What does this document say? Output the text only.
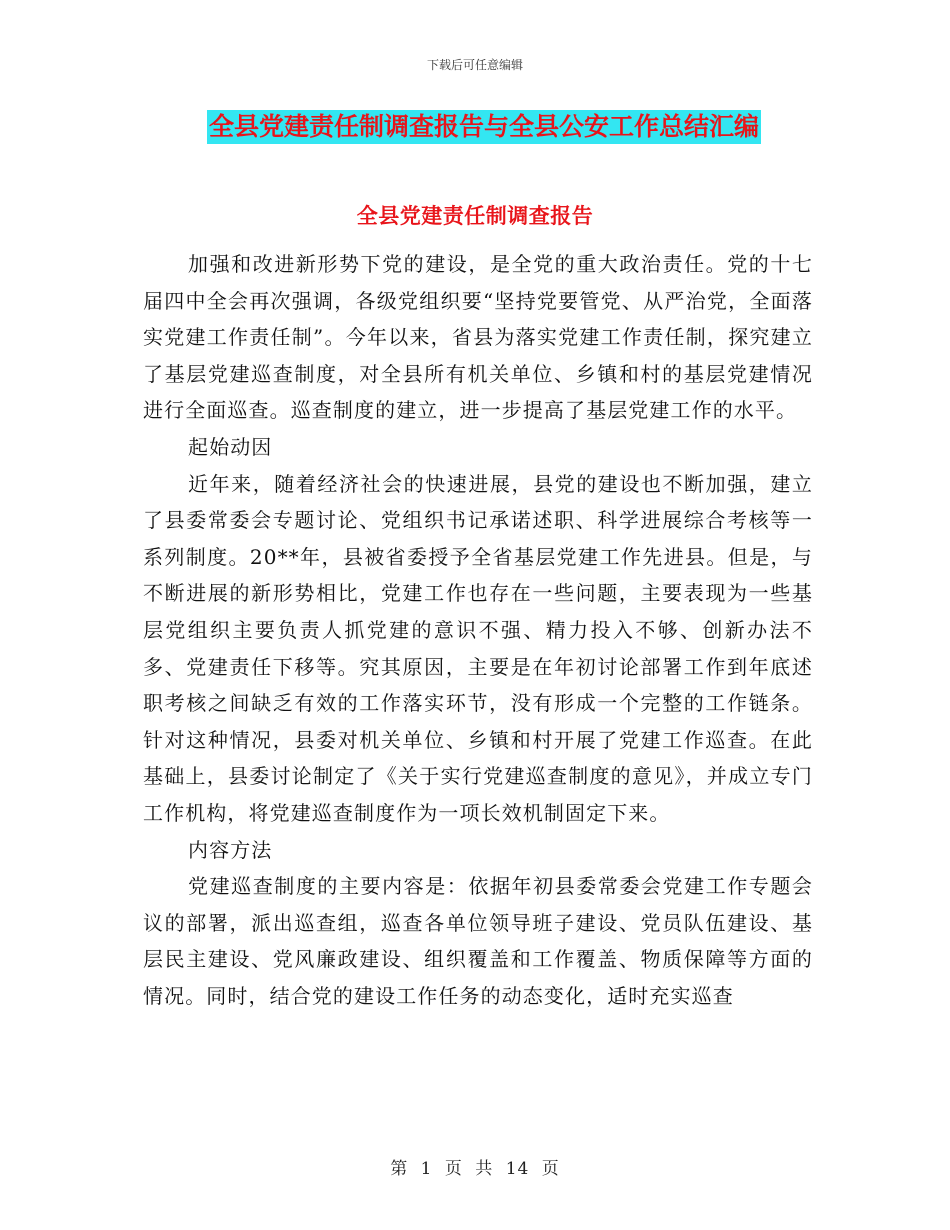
下载后可任意编辑
全县党建责任制调查报告与全县公安工作总结汇编
全县党建责任制调查报告

加强和改进新形势下党的建设，是全党的重大政治责任。党的十七届四中全会再次强调，各级党组织要“坚持党要管党、从严治党，全面落实党建工作责任制”。今年以来，省县为落实党建工作责任制，探究建立了基层党建巡查制度，对全县所有机关单位、乡镇和村的基层党建情况进行全面巡查。巡查制度的建立，进一步提高了基层党建工作的水平。

起始动因

近年来，随着经济社会的快速进展，县党的建设也不断加强，建立了县委常委会专题讨论、党组织书记承诺述职、科学进展综合考核等一系列制度。20**年，县被省委授予全省基层党建工作先进县。但是，与不断进展的新形势相比，党建工作也存在一些问题，主要表现为一些基层党组织主要负责人抓党建的意识不强、精力投入不够、创新办法不多、党建责任下移等。究其原因，主要是在年初讨论部署工作到年底述职考核之间缺乏有效的工作落实环节，没有形成一个完整的工作链条。针对这种情况，县委对机关单位、乡镇和村开展了党建工作巡查。在此基础上，县委讨论制定了《关于实行党建巡查制度的意见》，并成立专门工作机构，将党建巡查制度作为一项长效机制固定下来。

内容方法

党建巡查制度的主要内容是：依据年初县委常委会党建工作专题会议的部署，派出巡查组，巡查各单位领导班子建设、党员队伍建设、基层民主建设、党风廉政建设、组织覆盖和工作覆盖、物质保障等方面的情况。同时，结合党的建设工作任务的动态变化，适时充实巡查

第 1 页 共 14 页
